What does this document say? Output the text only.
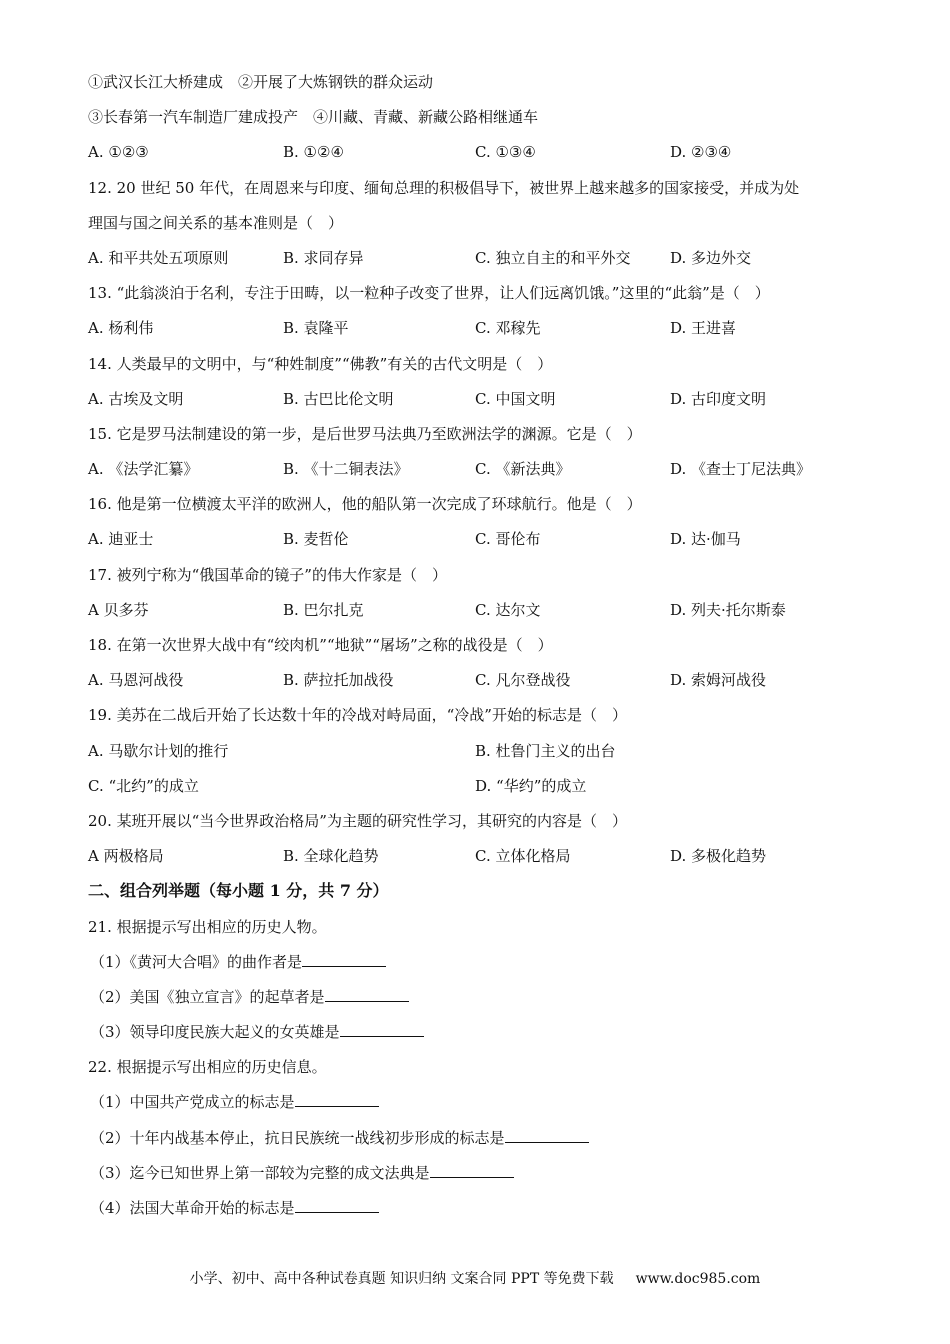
①武汉长江大桥建成　②开展了大炼钢铁的群众运动
③长春第一汽车制造厂建成投产　④川藏、青藏、新藏公路相继通车
A. ①②③	B. ①②④	C. ①③④	D. ②③④
12. 20 世纪 50 年代，在周恩来与印度、缅甸总理的积极倡导下，被世界上越来越多的国家接受，并成为处
理国与国之间关系的基本准则是（　）
A. 和平共处五项原则	B. 求同存异	C. 独立自主的和平外交	D. 多边外交
13. “此翁淡泊于名利，专注于田畴，以一粒种子改变了世界，让人们远离饥饿。”这里的“此翁”是（　）
A. 杨利伟	B. 袁隆平	C. 邓稼先	D. 王进喜
14. 人类最早的文明中，与“种姓制度”“佛教”有关的古代文明是（　）
A. 古埃及文明	B. 古巴比伦文明	C. 中国文明	D. 古印度文明
15. 它是罗马法制建设的第一步，是后世罗马法典乃至欧洲法学的渊源。它是（　）
A. 《法学汇纂》	B. 《十二铜表法》	C. 《新法典》	D. 《查士丁尼法典》
16. 他是第一位横渡太平洋的欧洲人，他的船队第一次完成了环球航行。他是（　）
A. 迪亚士	B. 麦哲伦	C. 哥伦布	D. 达·伽马
17. 被列宁称为“俄国革命的镜子”的伟大作家是（　）
A 贝多芬	B. 巴尔扎克	C. 达尔文	D. 列夫·托尔斯泰
18. 在第一次世界大战中有“绞肉机”“地狱”“屠场”之称的战役是（　）
A. 马恩河战役	B. 萨拉托加战役	C. 凡尔登战役	D. 索姆河战役
19. 美苏在二战后开始了长达数十年的冷战对峙局面，“冷战”开始的标志是（　）
A. 马歇尔计划的推行	B. 杜鲁门主义的出台
C. “北约”的成立	D. “华约”的成立
20. 某班开展以“当今世界政治格局”为主题的研究性学习，其研究的内容是（　）
A 两极格局	B. 全球化趋势	C. 立体化格局	D. 多极化趋势
二、组合列举题（每小题 1 分，共 7 分）
21. 根据提示写出相应的历史人物。
（1）《黄河大合唱》的曲作者是
（2）美国《独立宣言》的起草者是
（3）领导印度民族大起义的女英雄是
22. 根据提示写出相应的历史信息。
（1）中国共产党成立的标志是
（2）十年内战基本停止，抗日民族统一战线初步形成的标志是
（3）迄今已知世界上第一部较为完整的成文法典是
（4）法国大革命开始的标志是
小学、初中、高中各种试卷真题 知识归纳 文案合同 PPT 等免费下载 www.doc985.com
